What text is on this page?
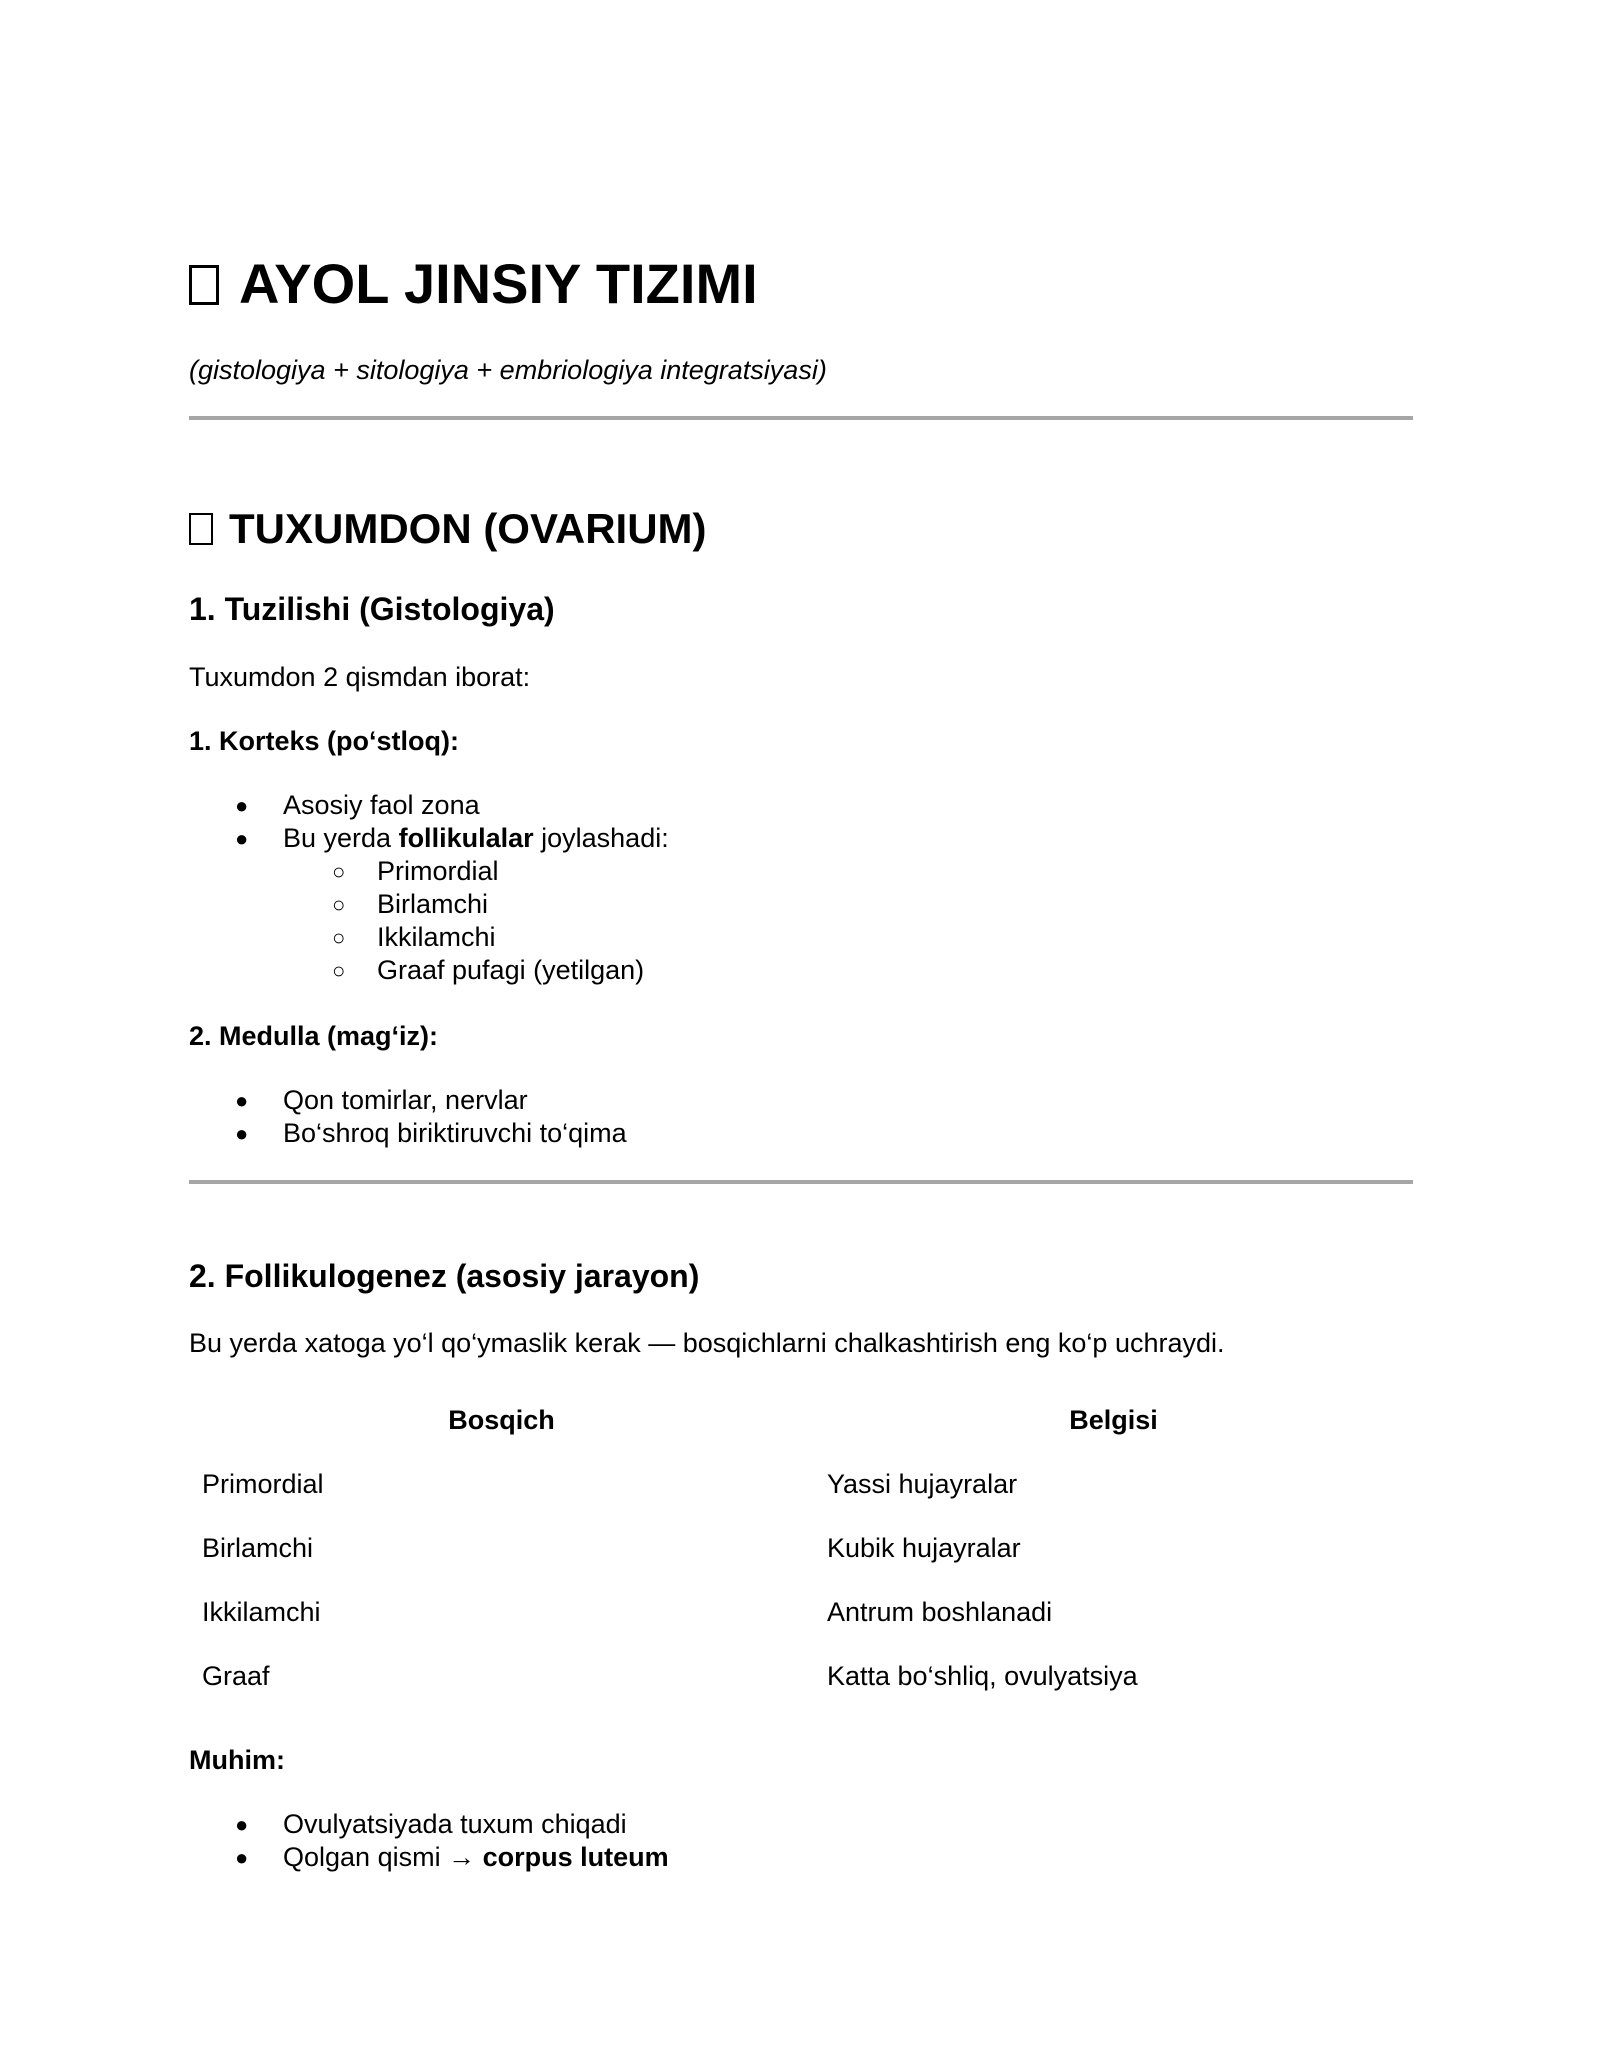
AYOL JINSIY TIZIMI
(gistologiya + sitologiya + embriologiya integratsiyasi)
TUXUMDON (OVARIUM)
1. Tuzilishi (Gistologiya)

Tuxumdon 2 qismdan iborat:

1. Korteks (po‘stloq):

● Asosiy faol zona
● Bu yerda follikulalar joylashadi:
○ Primordial
○ Birlamchi
○ Ikkilamchi
○ Graaf pufagi (yetilgan)

2. Medulla (mag‘iz):

● Qon tomirlar, nervlar
● Bo‘shroq biriktiruvchi to‘qima
2. Follikulogenez (asosiy jarayon)

Bu yerda xatoga yo‘l qo‘ymaslik kerak — bosqichlarni chalkashtirish eng ko‘p uchraydi.

Bosqich	Belgisi
Primordial	Yassi hujayralar
Birlamchi	Kubik hujayralar
Ikkilamchi	Antrum boshlanadi
Graaf	Katta bo‘shliq, ovulyatsiya

Muhim:

● Ovulyatsiyada tuxum chiqadi
● Qolgan qismi → corpus luteum
